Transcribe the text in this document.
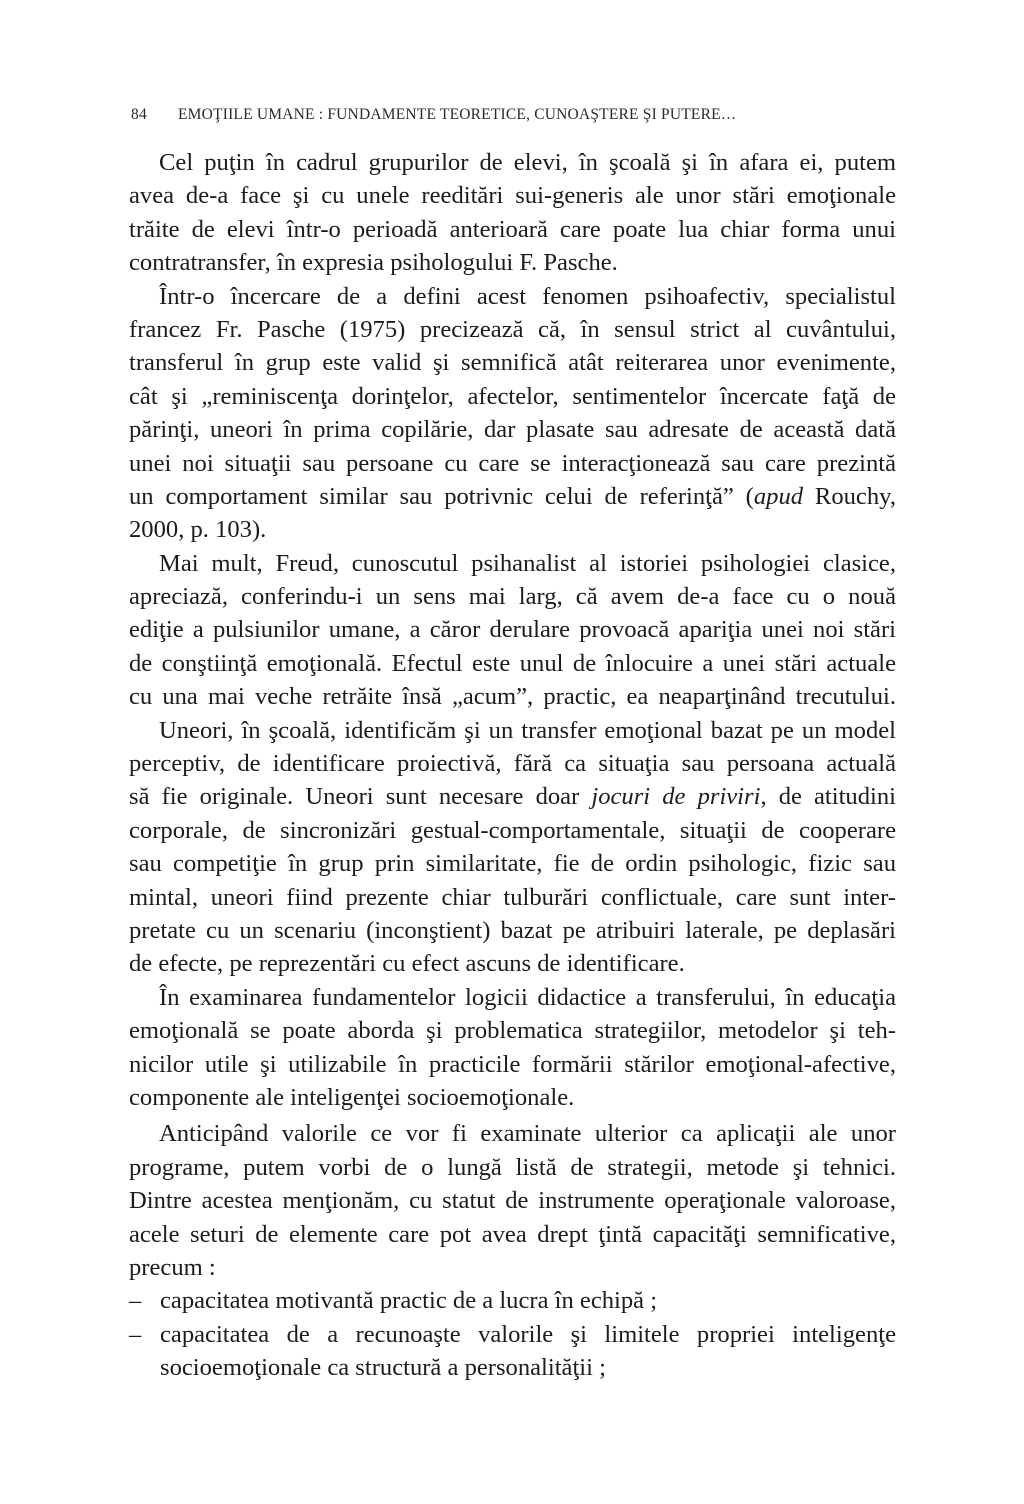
84 EMOŢIILE UMANE : FUNDAMENTE TEORETICE, CUNOAŞTERE ŞI PUTERE…
Cel puţin în cadrul grupurilor de elevi, în şcoală şi în afara ei, putem
avea de-a face şi cu unele reeditări sui-generis ale unor stări emoţionale
trăite de elevi într-o perioadă anterioară care poate lua chiar forma unui
contratransfer, în expresia psihologului F. Pasche.
Într-o încercare de a defini acest fenomen psihoafectiv, specialistul
francez Fr. Pasche (1975) precizează că, în sensul strict al cuvântului,
transferul în grup este valid şi semnifică atât reiterarea unor evenimente,
cât şi „reminiscenţa dorinţelor, afectelor, sentimentelor încercate faţă de
părinţi, uneori în prima copilărie, dar plasate sau adresate de această dată
unei noi situaţii sau persoane cu care se interacţionează sau care prezintă
un comportament similar sau potrivnic celui de referinţă” (apud Rouchy,
2000, p. 103).
Mai mult, Freud, cunoscutul psihanalist al istoriei psihologiei clasice,
apreciază, conferindu-i un sens mai larg, că avem de-a face cu o nouă
ediţie a pulsiunilor umane, a căror derulare provoacă apariţia unei noi stări
de conştiinţă emoţională. Efectul este unul de înlocuire a unei stări actuale
cu una mai veche retrăite însă „acum”, practic, ea neaparţinând trecutului.
Uneori, în şcoală, identificăm şi un transfer emoţional bazat pe un model
perceptiv, de identificare proiectivă, fără ca situaţia sau persoana actuală
să fie originale. Uneori sunt necesare doar jocuri de priviri, de atitudini
corporale, de sincronizări gestual-comportamentale, situaţii de cooperare
sau competiţie în grup prin similaritate, fie de ordin psihologic, fizic sau
mintal, uneori fiind prezente chiar tulburări conflictuale, care sunt inter-
pretate cu un scenariu (inconştient) bazat pe atribuiri laterale, pe deplasări
de efecte, pe reprezentări cu efect ascuns de identificare.
În examinarea fundamentelor logicii didactice a transferului, în educaţia
emoţională se poate aborda şi problematica strategiilor, metodelor şi teh-
nicilor utile şi utilizabile în practicile formării stărilor emoţional-afective,
componente ale inteligenţei socioemoţionale.
Anticipând valorile ce vor fi examinate ulterior ca aplicaţii ale unor
programe, putem vorbi de o lungă listă de strategii, metode şi tehnici.
Dintre acestea menţionăm, cu statut de instrumente operaţionale valoroase,
acele seturi de elemente care pot avea drept ţintă capacităţi semnificative,
precum :
– capacitatea motivantă practic de a lucra în echipă ;
– capacitatea de a recunoaşte valorile şi limitele propriei inteligenţe
socioemoţionale ca structură a personalităţii ;
